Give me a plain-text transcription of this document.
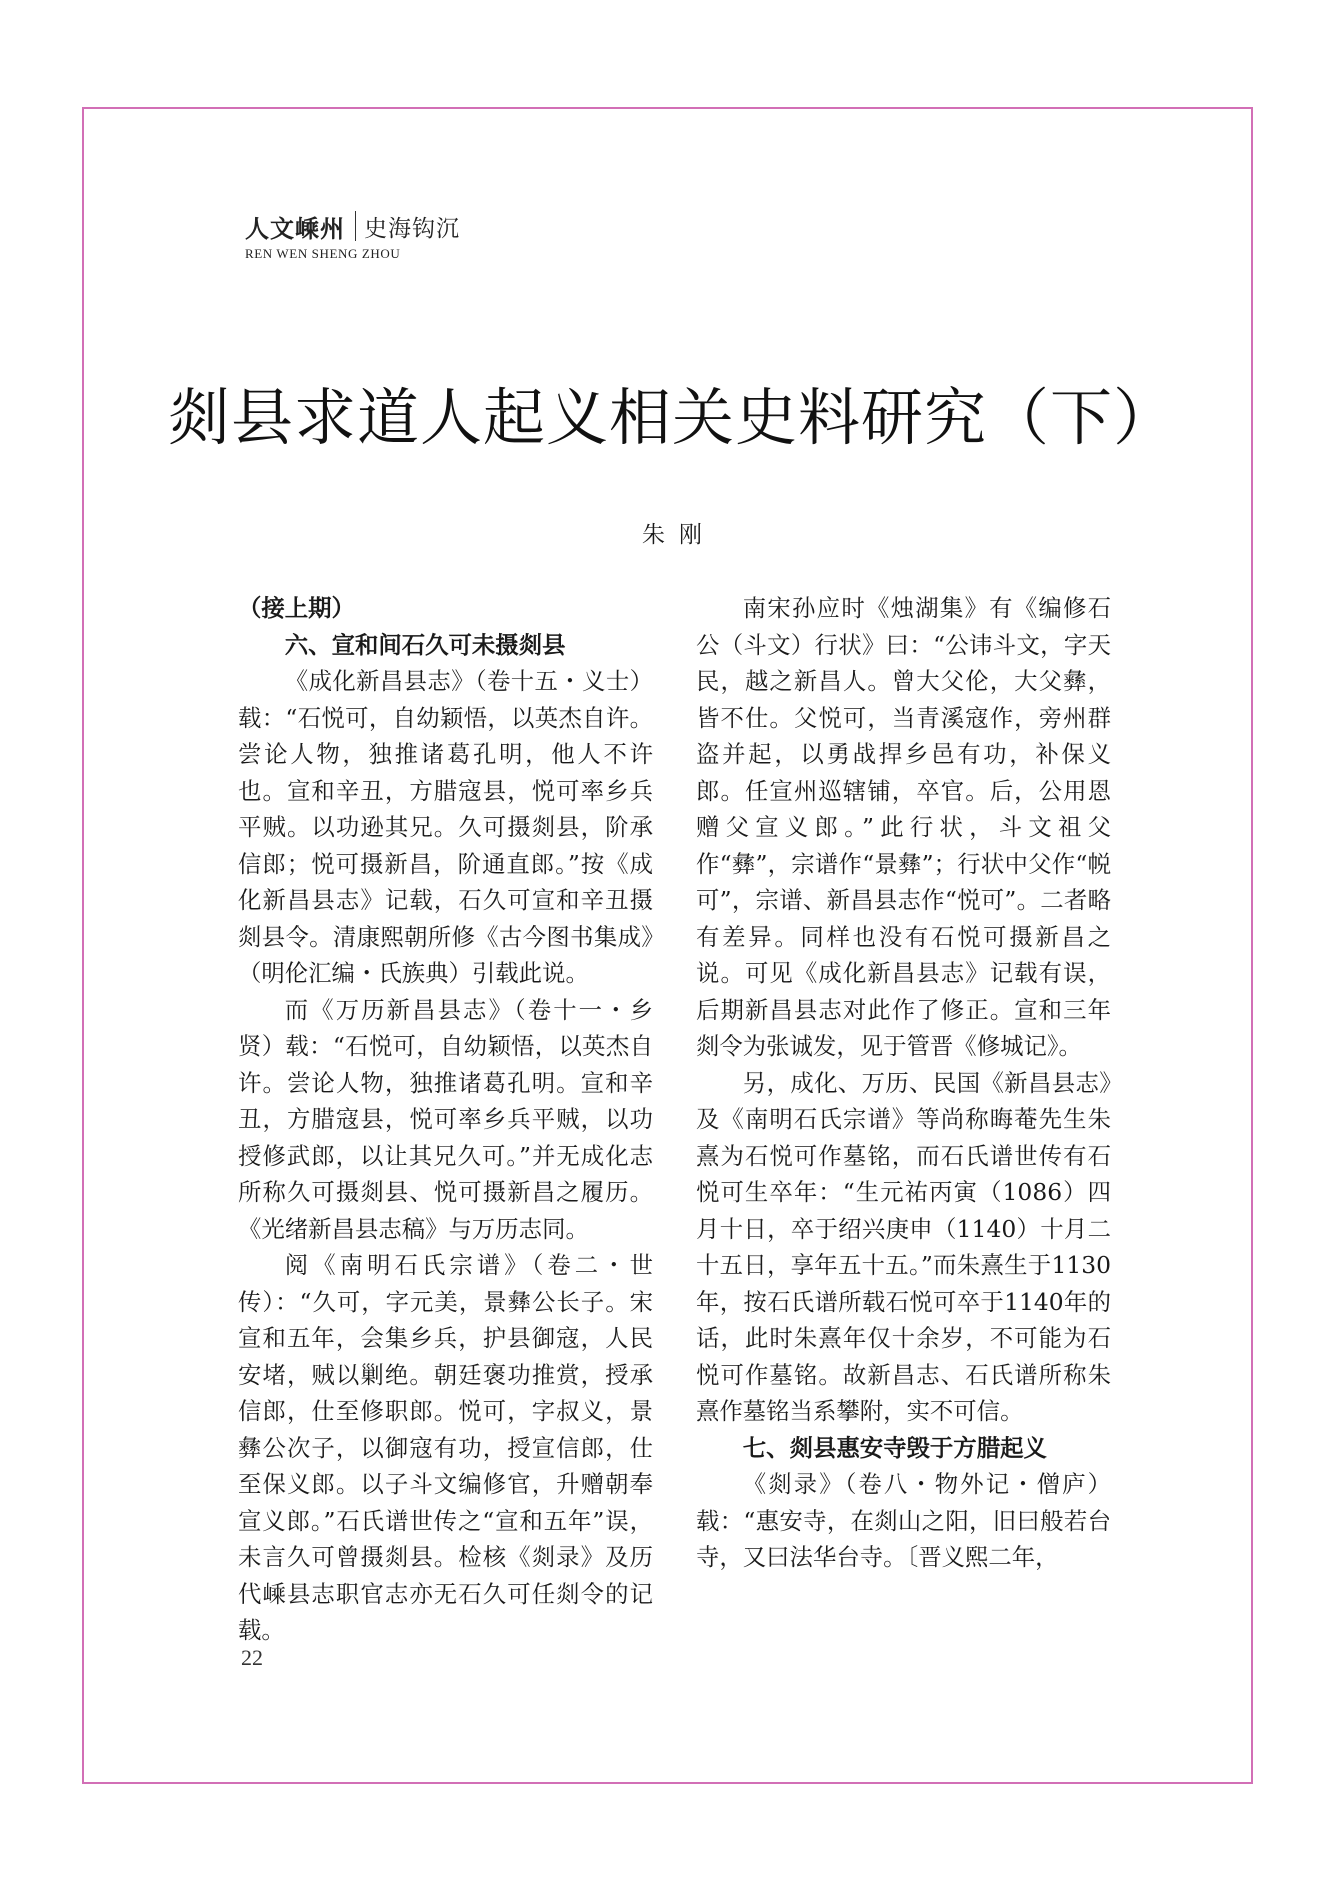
人文嵊州 史海钩沉
REN WEN SHENG ZHOU
剡县求道人起义相关史料研究（下）
朱刚

（接上期）

六、宣和间石久可未摄剡县

《成化新昌县志》（卷十五・义士）载：“石悦可，自幼颖悟，以英杰自许。尝论人物，独推诸葛孔明，他人不许也。宣和辛丑，方腊寇县，悦可率乡兵平贼。以功逊其兄。久可摄剡县，阶承信郎；悦可摄新昌，阶通直郎。”按《成化新昌县志》记载，石久可宣和辛丑摄剡县令。清康熙朝所修《古今图书集成》（明伦汇编・氏族典）引载此说。

而《万历新昌县志》（卷十一・乡贤）载：“石悦可，自幼颖悟，以英杰自许。尝论人物，独推诸葛孔明。宣和辛丑，方腊寇县，悦可率乡兵平贼，以功授修武郎，以让其兄久可。”并无成化志所称久可摄剡县、悦可摄新昌之履历。《光绪新昌县志稿》与万历志同。

阅《南明石氏宗谱》（卷二・世传）：“久可，字元美，景彝公长子。宋宣和五年，会集乡兵，护县御寇，人民安堵，贼以剿绝。朝廷褒功推赏，授承信郎，仕至修职郎。悦可，字叔义，景彝公次子，以御寇有功，授宣信郎，仕至保义郎。以子斗文编修官，升赠朝奉宣义郎。”石氏谱世传之“宣和五年”误，未言久可曾摄剡县。检核《剡录》及历代嵊县志职官志亦无石久可任剡令的记载。

南宋孙应时《烛湖集》有《编修石公（斗文）行状》曰：“公讳斗文，字天民，越之新昌人。曾大父伦，大父彝，皆不仕。父悦可，当青溪寇作，旁州群盗并起，以勇战捍乡邑有功，补保义郎。任宣州巡辖铺，卒官。后，公用恩赠父宣义郎。”此行状，斗文祖父作“彝”，宗谱作“景彝”；行状中父作“帨可”，宗谱、新昌县志作“悦可”。二者略有差异。同样也没有石悦可摄新昌之说。可见《成化新昌县志》记载有误，后期新昌县志对此作了修正。宣和三年剡令为张诚发，见于管晋《修城记》。

另，成化、万历、民国《新昌县志》及《南明石氏宗谱》等尚称晦菴先生朱熹为石悦可作墓铭，而石氏谱世传有石悦可生卒年：“生元祐丙寅（1086）四月十日，卒于绍兴庚申（1140）十月二十五日，享年五十五。”而朱熹生于1130年，按石氏谱所载石悦可卒于1140年的话，此时朱熹年仅十余岁，不可能为石悦可作墓铭。故新昌志、石氏谱所称朱熹作墓铭当系攀附，实不可信。

七、剡县惠安寺毁于方腊起义

《剡录》（卷八・物外记・僧庐）载：“惠安寺，在剡山之阳，旧曰般若台寺，又曰法华台寺。〔晋义熙二年，

22
